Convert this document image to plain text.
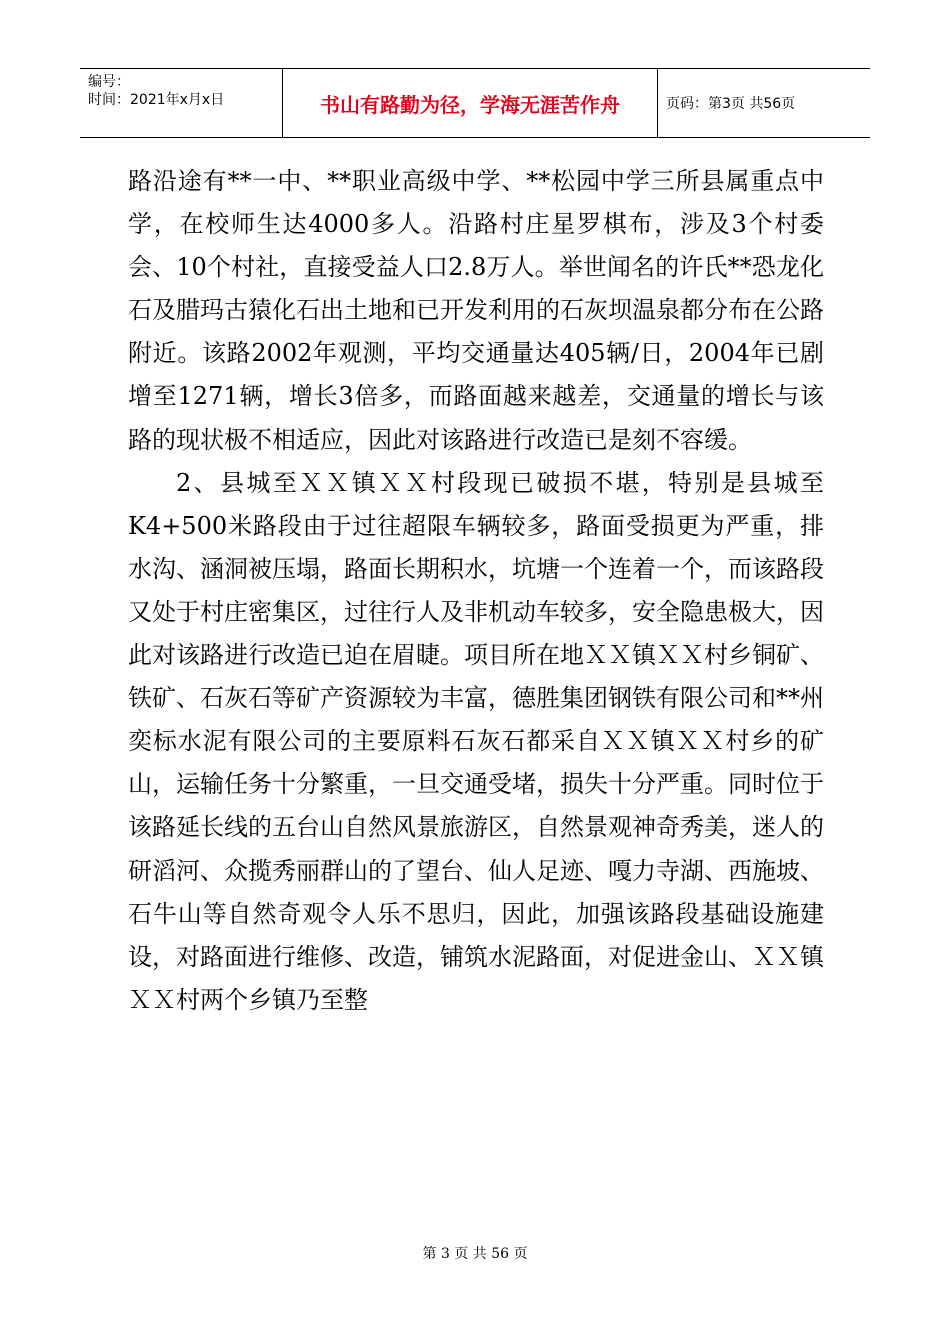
编号：
时间：2021年x月x日	书山有路勤为径，学海无涯苦作舟	页码：第3页 共56页

路沿途有**一中、**职业高级中学、**松园中学三所县属重点中学，在校师生达4000多人。沿路村庄星罗棋布，涉及3个村委会、10个村社，直接受益人口2.8万人。举世闻名的许氏**恐龙化石及腊玛古猿化石出土地和已开发利用的石灰坝温泉都分布在公路附近。该路2002年观测，平均交通量达405辆/日，2004年已剧增至1271辆，增长3倍多，而路面越来越差，交通量的增长与该路的现状极不相适应，因此对该路进行改造已是刻不容缓。

2、县城至ＸＸ镇ＸＸ村段现已破损不堪，特别是县城至K4+500米路段由于过往超限车辆较多，路面受损更为严重，排水沟、涵洞被压塌，路面长期积水，坑塘一个连着一个，而该路段又处于村庄密集区，过往行人及非机动车较多，安全隐患极大，因此对该路进行改造已迫在眉睫。项目所在地ＸＸ镇ＸＸ村乡铜矿、铁矿、石灰石等矿产资源较为丰富，德胜集团钢铁有限公司和**州奕标水泥有限公司的主要原料石灰石都采自ＸＸ镇ＸＸ村乡的矿山，运输任务十分繁重，一旦交通受堵，损失十分严重。同时位于该路延长线的五台山自然风景旅游区，自然景观神奇秀美，迷人的研滔河、众揽秀丽群山的了望台、仙人足迹、嘎力寺湖、西施坡、石牛山等自然奇观令人乐不思归，因此，加强该路段基础设施建设，对路面进行维修、改造，铺筑水泥路面，对促进金山、ＸＸ镇ＸＸ村两个乡镇乃至整

第 3 页 共 56 页
